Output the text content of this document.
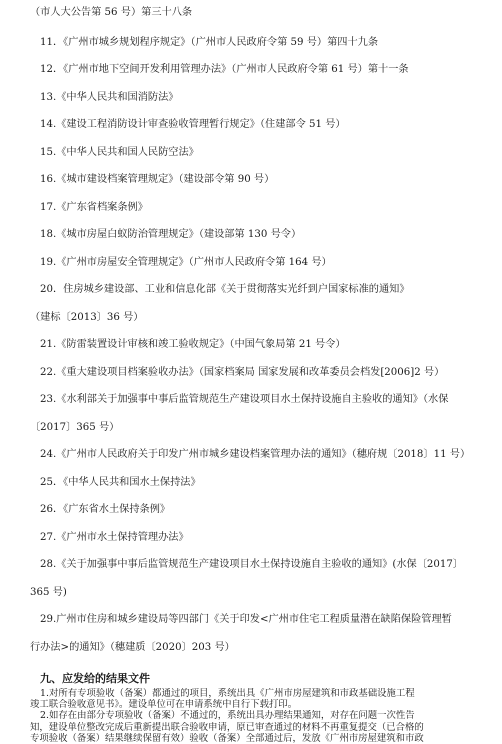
（市人大公告第 56 号）第三十八条
11．《广州市城乡规划程序规定》（广州市人民政府令第 59 号）第四十九条
12．《广州市地下空间开发利用管理办法》（广州市人民政府令第 61 号）第十一条
13.《中华人民共和国消防法》
14.《建设工程消防设计审查验收管理暂行规定》（住建部令 51 号）
15.《中华人民共和国人民防空法》
16.《城市建设档案管理规定》（建设部令第 90 号）
17.《广东省档案条例》
18.《城市房屋白蚁防治管理规定》（建设部第 130 号令）
19.《广州市房屋安全管理规定》（广州市人民政府令第 164 号）
20．住房城乡建设部、工业和信息化部《关于贯彻落实光纤到户国家标准的通知》
（建标〔2013〕36 号）
21.《防雷装置设计审核和竣工验收规定》（中国气象局第 21 号令）
22.《重大建设项目档案验收办法》（国家档案局 国家发展和改革委员会档发[2006]2 号）
23.《水利部关于加强事中事后监管规范生产建设项目水土保持设施自主验收的通知》（水保
〔2017〕365 号）
24.《广州市人民政府关于印发广州市城乡建设档案管理办法的通知》（穗府规〔2018〕11 号）
25．《中华人民共和国水土保持法》
26．《广东省水土保持条例》
27.《广州市水土保持管理办法》
28.《关于加强事中事后监管规范生产建设项目水土保持设施自主验收的通知》(水保〔2017〕
365 号)
29.广州市住房和城乡建设局等四部门《关于印发<广州市住宅工程质量潜在缺陷保险管理暂
行办法>的通知》（穗建质〔2020〕203 号）
九、应发给的结果文件
1.对所有专项验收（备案）都通过的项目，系统出具《广州市房屋建筑和市政基础设施工程
竣工联合验收意见书》。建设单位可在申请系统中自行下载打印。
2.如存在由部分专项验收（备案）不通过的，系统出具办理结果通知，对存在问题一次性告
知，建设单位整改完成后重新提出联合验收申请，原已审查通过的材料不再重复提交（已合格的
专项验收（备案）结果继续保留有效）验收（备案）全部通过后，发放《广州市房屋建筑和市政
